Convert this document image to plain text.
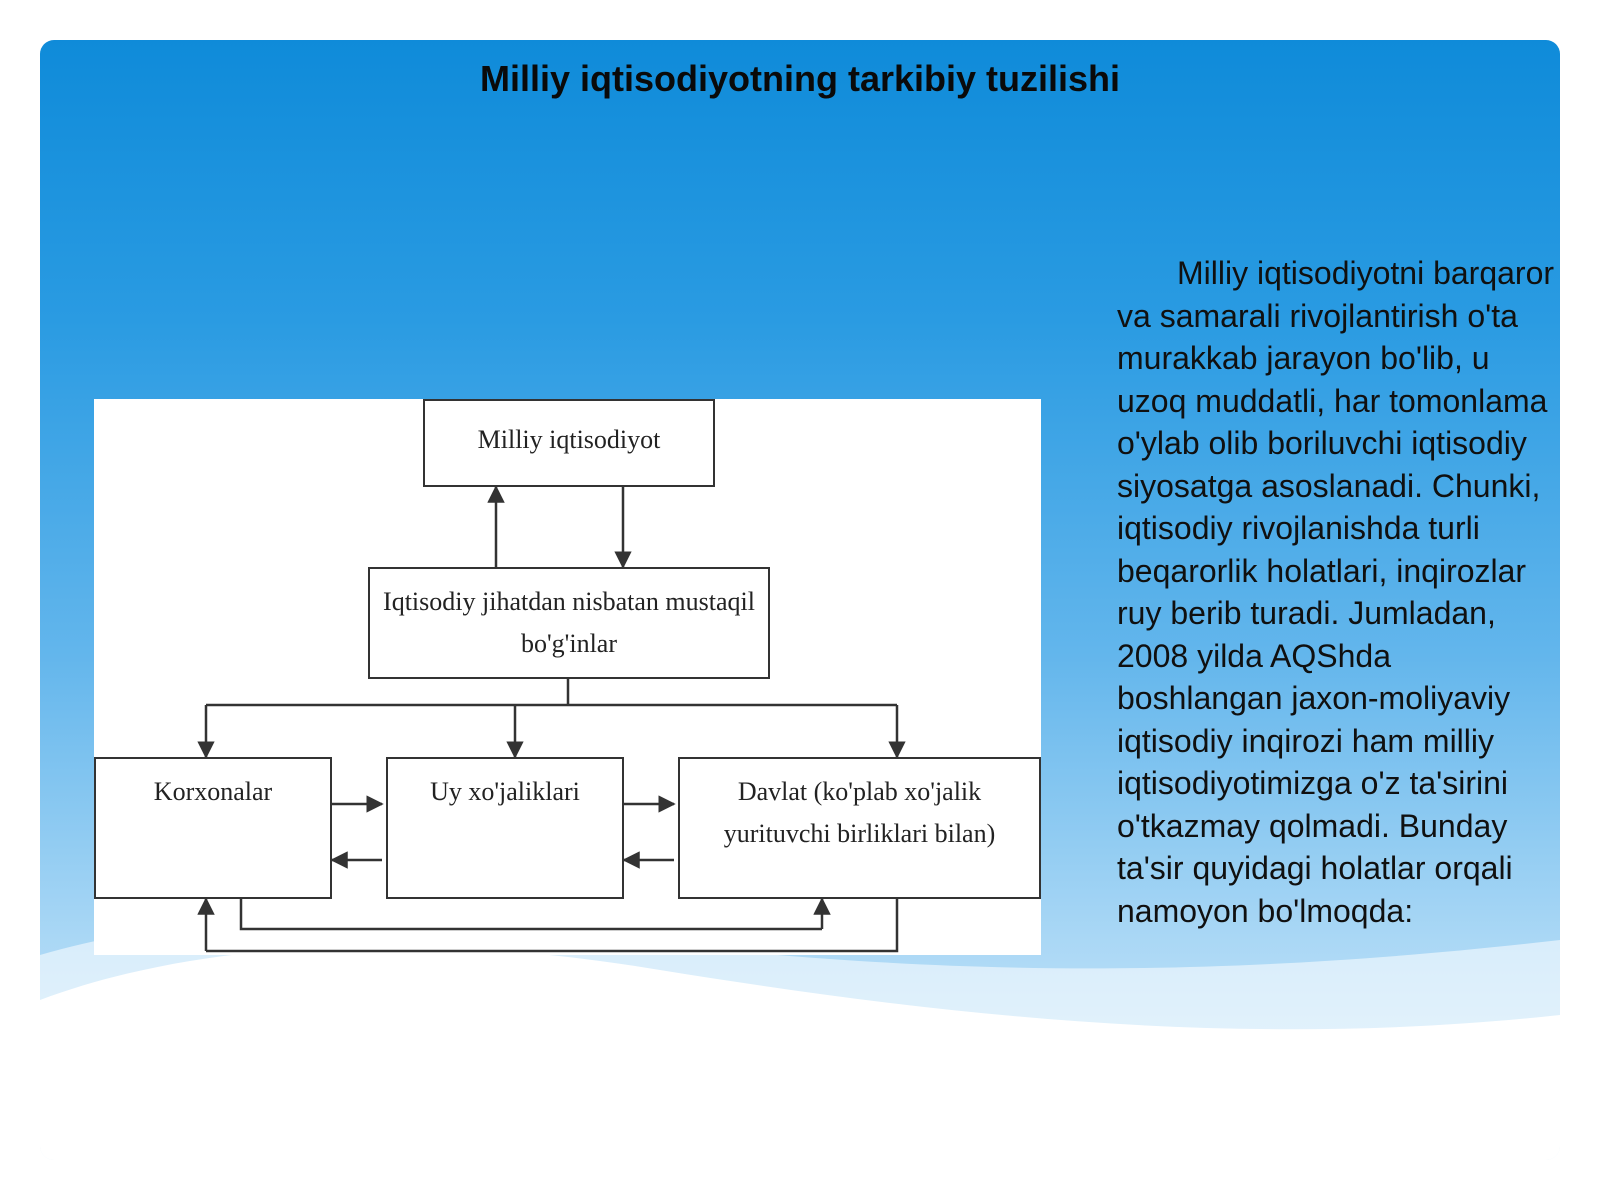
Milliy iqtisodiyotning tarkibiy tuzilishi
Milliy iqtisodiyot
Iqtisodiy jihatdan nisbatan mustaqil
bo'g'inlar
Korxonalar	Uy xo'jaliklari	Davlat (ko'plab xo'jalik
yurituvchi birliklari bilan)
Milliy iqtisodiyotni barqaror va samarali rivojlantirish o'ta murakkab jarayon bo'lib, u uzoq muddatli, har tomonlama o'ylab olib boriluvchi iqtisodiy siyosatga asoslanadi. Chunki, iqtisodiy rivojlanishda turli beqarorlik holatlari, inqirozlar ruy berib turadi. Jumladan, 2008 yilda AQShda boshlangan jaxon-moliyaviy iqtisodiy inqirozi ham milliy iqtisodiyotimizga o'z ta'sirini o'tkazmay qolmadi. Bunday ta'sir quyidagi holatlar orqali namoyon bo'lmoqda:
